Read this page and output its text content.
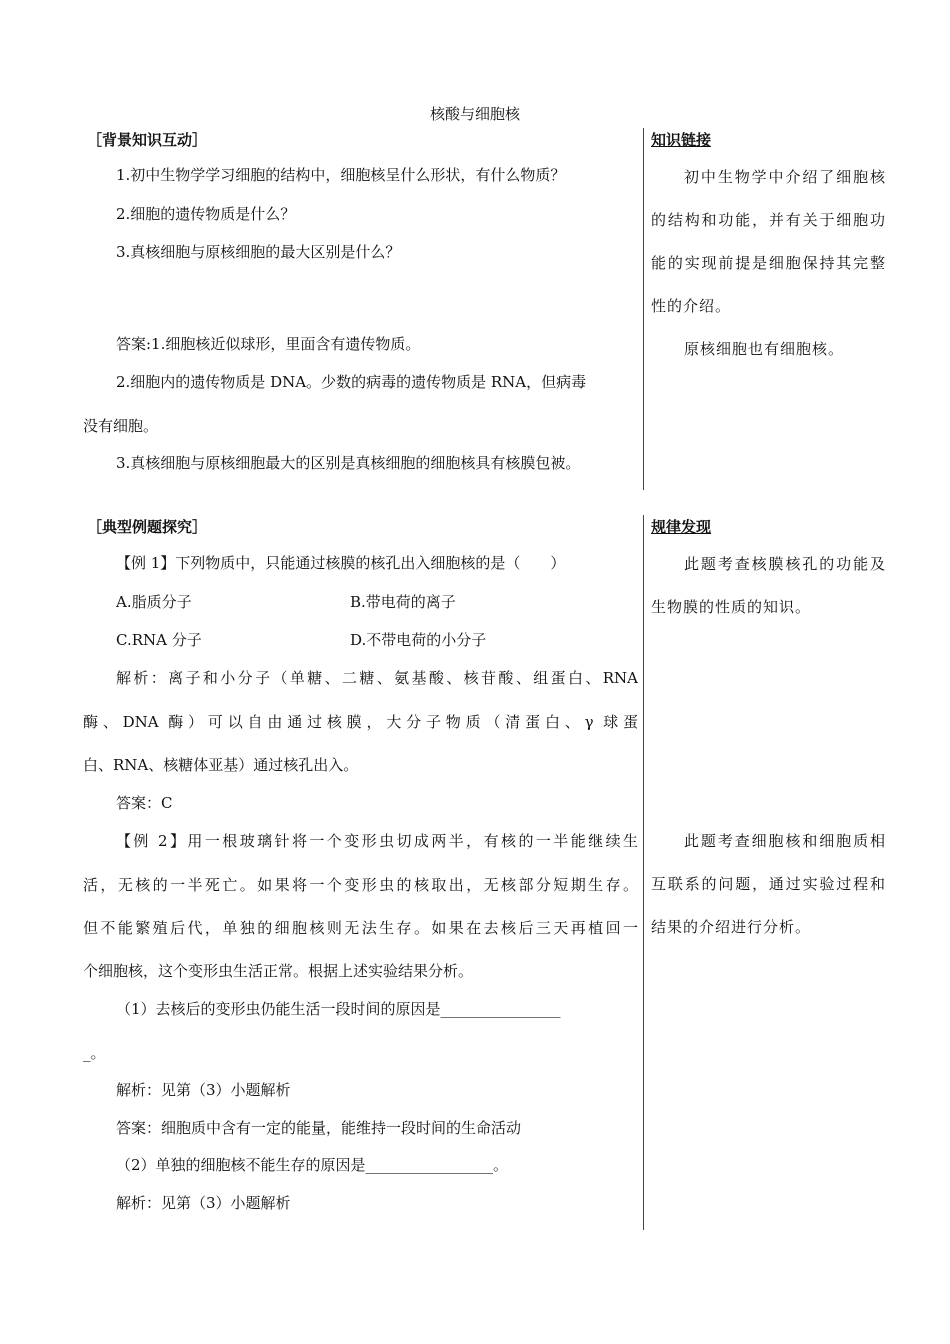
核酸与细胞核
［背景知识互动］
1.初中生物学学习细胞的结构中，细胞核呈什么形状，有什么物质？
2.细胞的遗传物质是什么？
3.真核细胞与原核细胞的最大区别是什么？
答案:1.细胞核近似球形，里面含有遗传物质。
2.细胞内的遗传物质是 DNA。少数的病毒的遗传物质是 RNA，但病毒
没有细胞。
3.真核细胞与原核细胞最大的区别是真核细胞的细胞核具有核膜包被。
知识链接

初中生物学中介绍了细胞核的结构和功能，并有关于细胞功能的实现前提是细胞保持其完整性的介绍。

原核细胞也有细胞核。

［典型例题探究］
【例 1】下列物质中，只能通过核膜的核孔出入细胞核的是（　　）
A.脂质分子	B.带电荷的离子
C.RNA 分子	D.不带电荷的小分子
解析：离子和小分子（单糖、二糖、氨基酸、核苷酸、组蛋白、RNA
酶、DNA 酶）可以自由通过核膜，大分子物质（清蛋白、γ 球蛋
白、RNA、核糖体亚基）通过核孔出入。
答案：C
【例 2】用一根玻璃针将一个变形虫切成两半，有核的一半能继续生
活，无核的一半死亡。如果将一个变形虫的核取出，无核部分短期生存。
但不能繁殖后代，单独的细胞核则无法生存。如果在去核后三天再植回一
个细胞核，这个变形虫生活正常。根据上述实验结果分析。
（1）去核后的变形虫仍能生活一段时间的原因是________________
_。
解析：见第（3）小题解析
答案：细胞质中含有一定的能量，能维持一段时间的生命活动
（2）单独的细胞核不能生存的原因是_________________。
解析：见第（3）小题解析
规律发现

此题考查核膜核孔的功能及生物膜的性质的知识。

此题考查细胞核和细胞质相互联系的问题，通过实验过程和结果的介绍进行分析。
